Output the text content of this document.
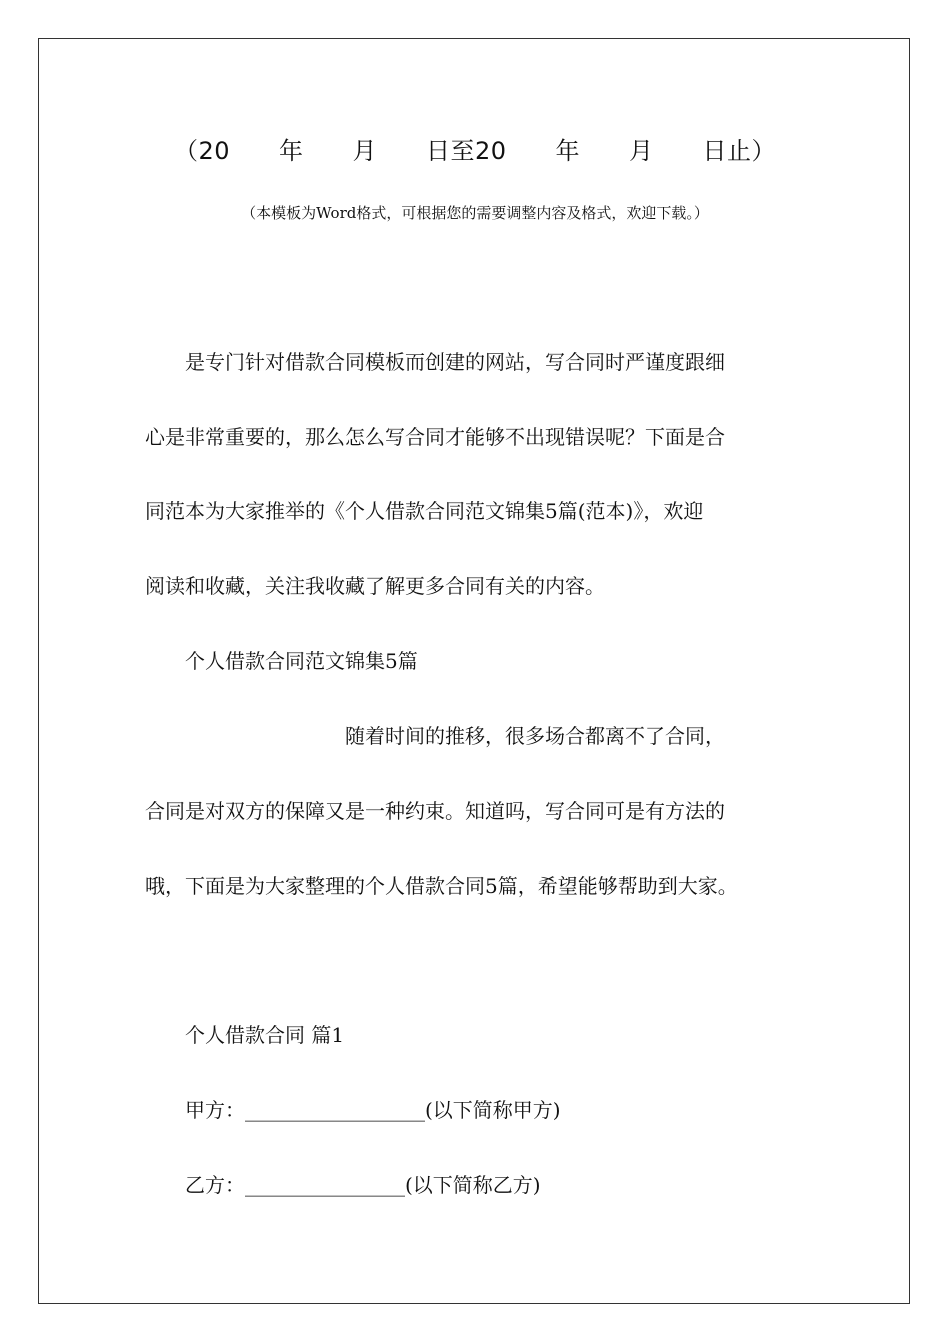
（20　　年　　月　　日至20　　年　　月　　日止）
（本模板为Word格式，可根据您的需要调整内容及格式，欢迎下载。）
　　是专门针对借款合同模板而创建的网站，写合同时严谨度跟细
心是非常重要的，那么怎么写合同才能够不出现错误呢？下面是合
同范本为大家推举的《个人借款合同范文锦集5篇(范本)》，欢迎
阅读和收藏，关注我收藏了解更多合同有关的内容。
　　个人借款合同范文锦集5篇
　　　　　　　　　　随着时间的推移，很多场合都离不了合同，
合同是对双方的保障又是一种约束。知道吗，写合同可是有方法的
哦，下面是为大家整理的个人借款合同5篇，希望能够帮助到大家。
　　个人借款合同 篇1
　　甲方：__________________(以下简称甲方)
　　乙方：________________(以下简称乙方)
